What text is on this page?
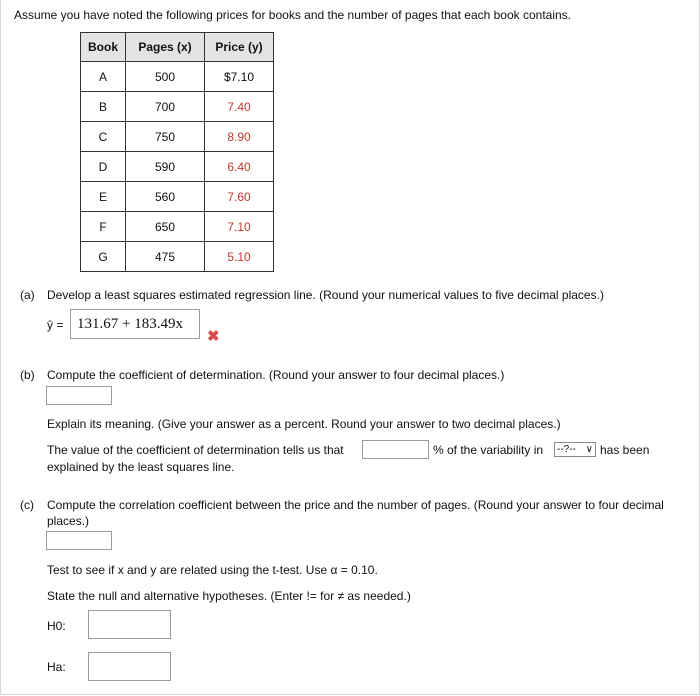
Assume you have noted the following prices for books and the number of pages that each book contains.
Book	Pages (x)	Price (y)
A	500	$7.10
B	700	7.40
C	750	8.90
D	590	6.40
E	560	7.60
F	650	7.10
G	475	5.10
(a) Develop a least squares estimated regression line. (Round your numerical values to five decimal places.)
ŷ = 131.67 + 183.49x
✖
(b) Compute the coefficient of determination. (Round your answer to four decimal places.)
Explain its meaning. (Give your answer as a percent. Round your answer to two decimal places.)
The value of the coefficient of determination tells us that	% of the variability in	--?-- ∨ has been
explained by the least squares line.
(c) Compute the correlation coefficient between the price and the number of pages. (Round your answer to four decimal
places.)
Test to see if x and y are related using the t-test. Use α = 0.10.
State the null and alternative hypotheses. (Enter != for ≠ as needed.)
H0:
Ha:
